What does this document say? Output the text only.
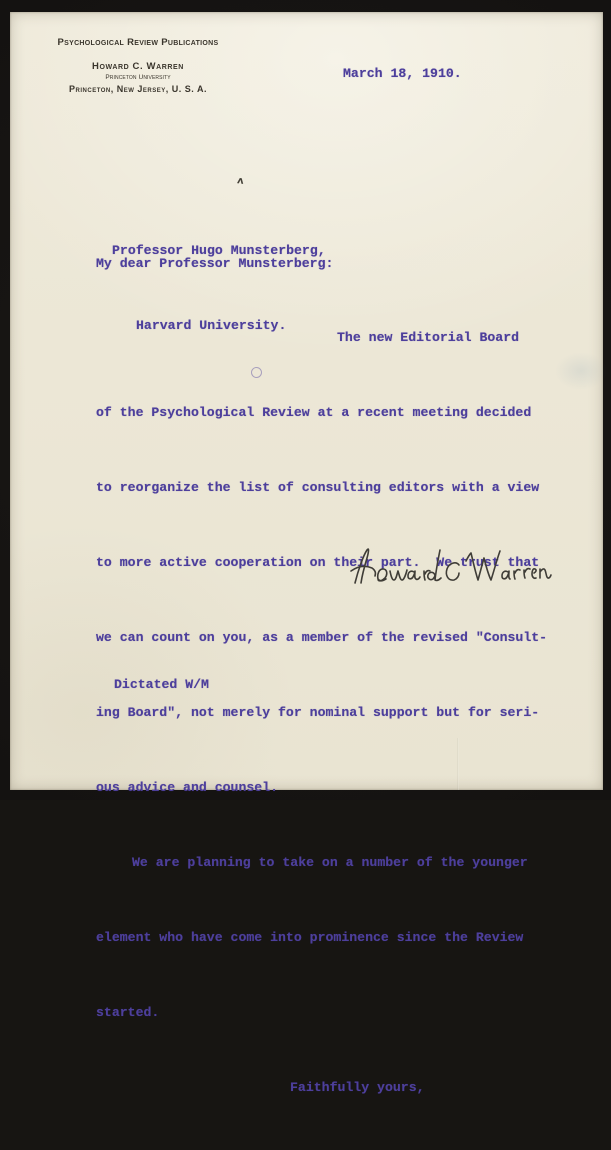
Psychological Review Publications
Howard C. Warren
Princeton University
Princeton, New Jersey, U. S. A.
March 18, 1910.

Professor Hugo Munsterberg,

Harvard University.

ʌ
My dear Professor Munsterberg:

The new Editorial Board

of the Psychological Review at a recent meeting decided

to reorganize the list of consulting editors with a view

to more active cooperation on their part.  We trust that

we can count on you, as a member of the revised "Consult-

ing Board", not merely for nominal support but for seri-

ous advice and counsel.

We are planning to take on a number of the younger

element who have come into prominence since the Review

started.

Faithfully yours,

Dictated W/M
